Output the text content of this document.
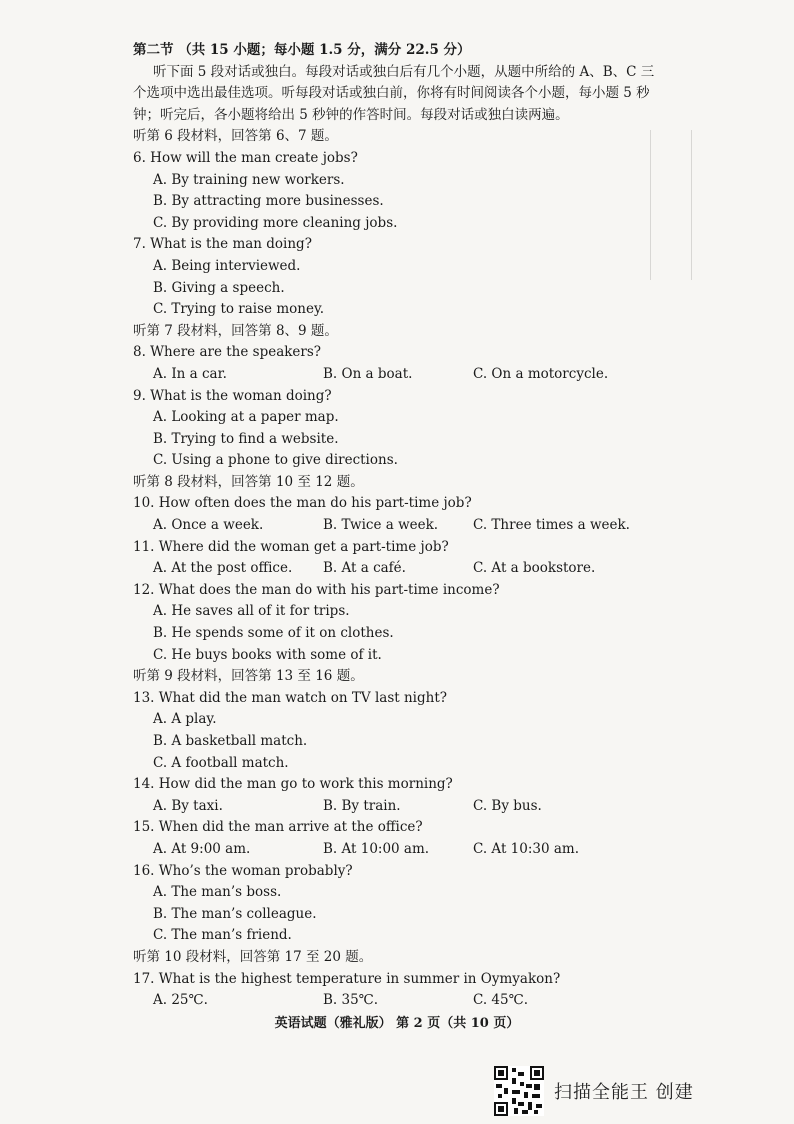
第二节 （共 15 小题；每小题 1.5 分，满分 22.5 分）
听下面 5 段对话或独白。每段对话或独白后有几个小题，从题中所给的 A、B、C 三
个选项中选出最佳选项。听每段对话或独白前，你将有时间阅读各个小题，每小题 5 秒
钟；听完后，各小题将给出 5 秒钟的作答时间。每段对话或独白读两遍。
听第 6 段材料，回答第 6、7 题。
6. How will the man create jobs?
A. By training new workers.
B. By attracting more businesses.
C. By providing more cleaning jobs.
7. What is the man doing?
A. Being interviewed.
B. Giving a speech.
C. Trying to raise money.
听第 7 段材料，回答第 8、9 题。
8. Where are the speakers?
A. In a car.	B. On a boat.	C. On a motorcycle.
9. What is the woman doing?
A. Looking at a paper map.
B. Trying to find a website.
C. Using a phone to give directions.
听第 8 段材料，回答第 10 至 12 题。
10. How often does the man do his part-time job?
A. Once a week.	B. Twice a week.	C. Three times a week.
11. Where did the woman get a part-time job?
A. At the post office.	B. At a café.	C. At a bookstore.
12. What does the man do with his part-time income?
A. He saves all of it for trips.
B. He spends some of it on clothes.
C. He buys books with some of it.
听第 9 段材料，回答第 13 至 16 题。
13. What did the man watch on TV last night?
A. A play.
B. A basketball match.
C. A football match.
14. How did the man go to work this morning?
A. By taxi.	B. By train.	C. By bus.
15. When did the man arrive at the office?
A. At 9:00 am.	B. At 10:00 am.	C. At 10:30 am.
16. Who’s the woman probably?
A. The man’s boss.
B. The man’s colleague.
C. The man’s friend.
听第 10 段材料，回答第 17 至 20 题。
17. What is the highest temperature in summer in Oymyakon?
A. 25℃.	B. 35℃.	C. 45℃.
英语试题（雅礼版） 第 2 页（共 10 页）
扫描全能王 创建
